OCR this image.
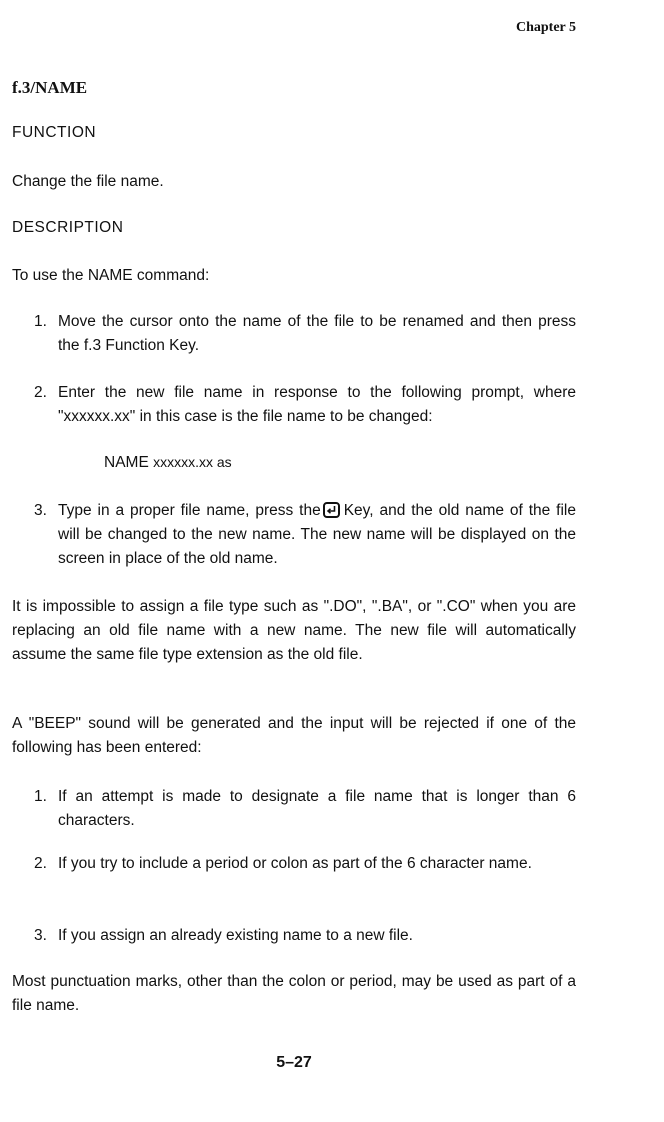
Chapter 5
f.3/NAME
FUNCTION
Change the file name.
DESCRIPTION
To use the NAME command:
1. Move the cursor onto the name of the file to be renamed and then press the f.3 Function Key.
2. Enter the new file name in response to the following prompt, where "xxxxxx.xx" in this case is the file name to be changed:
NAME xxxxxx.xx as
3. Type in a proper file name, press the Key, and the old name of the file will be changed to the new name. The new name will be displayed on the screen in place of the old name.
It is impossible to assign a file type such as ".DO", ".BA", or ".CO" when you are replacing an old file name with a new name. The new file will automatically assume the same file type extension as the old file.
A "BEEP" sound will be generated and the input will be rejected if one of the following has been entered:
1. If an attempt is made to designate a file name that is longer than 6 characters.
2. If you try to include a period or colon as part of the 6 character name.
3. If you assign an already existing name to a new file.
Most punctuation marks, other than the colon or period, may be used as part of a file name.
5–27
